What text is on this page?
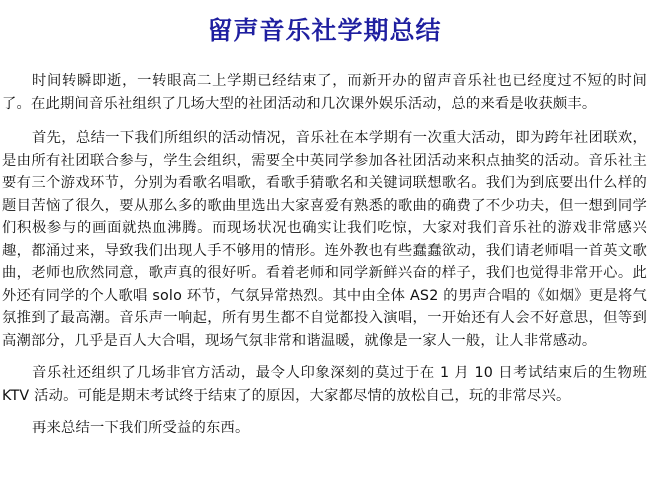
留声音乐社学期总结

时间转瞬即逝，一转眼高二上学期已经结束了，而新开办的留声音乐社也已经度过不短的时间了。在此期间音乐社组织了几场大型的社团活动和几次课外娱乐活动，总的来看是收获颇丰。

首先，总结一下我们所组织的活动情况，音乐社在本学期有一次重大活动，即为跨年社团联欢，是由所有社团联合参与，学生会组织，需要全中英同学参加各社团活动来积点抽奖的活动。音乐社主要有三个游戏环节，分别为看歌名唱歌，看歌手猜歌名和关键词联想歌名。我们为到底要出什么样的题目苦恼了很久，要从那么多的歌曲里选出大家喜爱有熟悉的歌曲的确费了不少功夫，但一想到同学们积极参与的画面就热血沸腾。而现场状况也确实让我们吃惊，大家对我们音乐社的游戏非常感兴趣，都涌过来，导致我们出现人手不够用的情形。连外教也有些蠢蠢欲动，我们请老师唱一首英文歌曲，老师也欣然同意，歌声真的很好听。看着老师和同学新鲜兴奋的样子，我们也觉得非常开心。此外还有同学的个人歌唱 solo 环节，气氛异常热烈。其中由全体 AS2 的男声合唱的《如烟》更是将气氛推到了最高潮。音乐声一响起，所有男生都不自觉都投入演唱，一开始还有人会不好意思，但等到高潮部分，几乎是百人大合唱，现场气氛非常和谐温暖，就像是一家人一般，让人非常感动。

音乐社还组织了几场非官方活动，最令人印象深刻的莫过于在 1 月 10 日考试结束后的生物班 KTV 活动。可能是期末考试终于结束了的原因，大家都尽情的放松自己，玩的非常尽兴。

再来总结一下我们所受益的东西。
